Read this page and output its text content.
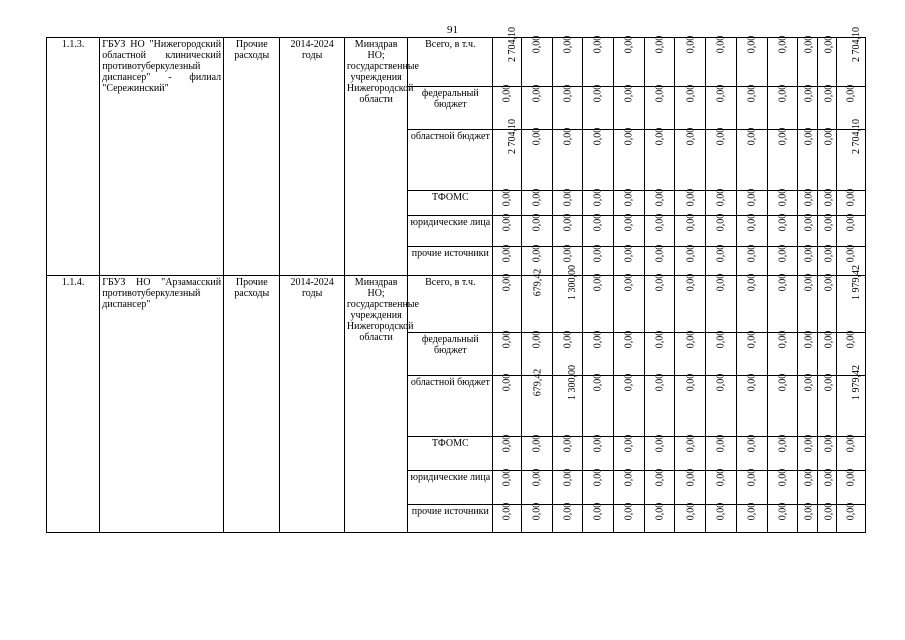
91
1.1.3.	ГБУЗ НО "Нижегородский областной клинический противотуберкулезный диспансер" - филиал "Сережинский"	Прочие расходы	2014-2024 годы	Минздрав НО; государственные учреждения Нижегородской области	Всего, в т.ч.	2 704,10	0,00	0,00	0,00	0,00	0,00	0,00	0,00	0,00	0,00	0,00	0,00	2 704,10
					федеральный бюджет	0,00	0,00	0,00	0,00	0,00	0,00	0,00	0,00	0,00	0,00	0,00	0,00	0,00
					областной бюджет	2 704,10	0,00	0,00	0,00	0,00	0,00	0,00	0,00	0,00	0,00	0,00	0,00	2 704,10
					ТФОМС	0,00	0,00	0,00	0,00	0,00	0,00	0,00	0,00	0,00	0,00	0,00	0,00	0,00
					юридические лица	0,00	0,00	0,00	0,00	0,00	0,00	0,00	0,00	0,00	0,00	0,00	0,00	0,00
					прочие источники	0,00	0,00	0,00	0,00	0,00	0,00	0,00	0,00	0,00	0,00	0,00	0,00	0,00
1.1.4.	ГБУЗ НО "Арзамасский противотуберкулезный диспансер"	Прочие расходы	2014-2024 годы	Минздрав НО; государственные учреждения Нижегородской области	Всего, в т.ч.	0,00	679,42	1 300,00	0,00	0,00	0,00	0,00	0,00	0,00	0,00	0,00	0,00	1 979,42
					федеральный бюджет	0,00	0,00	0,00	0,00	0,00	0,00	0,00	0,00	0,00	0,00	0,00	0,00	0,00
					областной бюджет	0,00	679,42	1 300,00	0,00	0,00	0,00	0,00	0,00	0,00	0,00	0,00	0,00	1 979,42
					ТФОМС	0,00	0,00	0,00	0,00	0,00	0,00	0,00	0,00	0,00	0,00	0,00	0,00	0,00
					юридические лица	0,00	0,00	0,00	0,00	0,00	0,00	0,00	0,00	0,00	0,00	0,00	0,00	0,00
					прочие источники	0,00	0,00	0,00	0,00	0,00	0,00	0,00	0,00	0,00	0,00	0,00	0,00	0,00
